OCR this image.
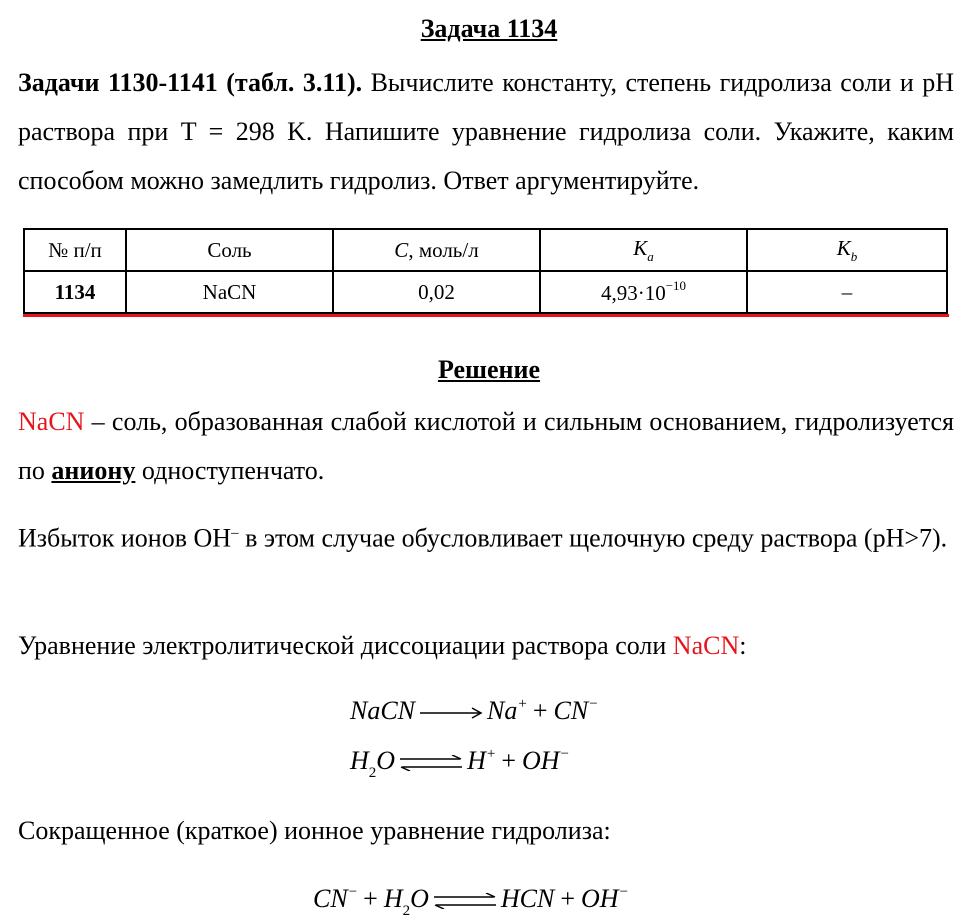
Задача 1134
Задачи 1130-1141 (табл. 3.11). Вычислите константу, степень гидролиза соли и pH раствора при T = 298 K. Напишите уравнение гидролиза соли. Укажите, каким способом можно замедлить гидролиз. Ответ аргументируйте.
№ п/п	Соль	C, моль/л	$K_a$	$K_b$
1134	NaCN	0,02	$4,93\cdot 10^{-10}$	–
Решение
NaCN – соль, образованная слабой кислотой и сильным основанием, гидролизуется по аниону одноступенчато.
Избыток ионов OH– в этом случае обусловливает щелочную среду раствора (pH>7).
Уравнение электролитической диссоциации раствора соли NaCN:
NaCN	Na+ + CN−
$H_2O$ ⇌ H+ + OH−
Сокращенное (краткое) ионное уравнение гидролиза:
$CN^- + H_2O$ ⇌ HCN + OH−
